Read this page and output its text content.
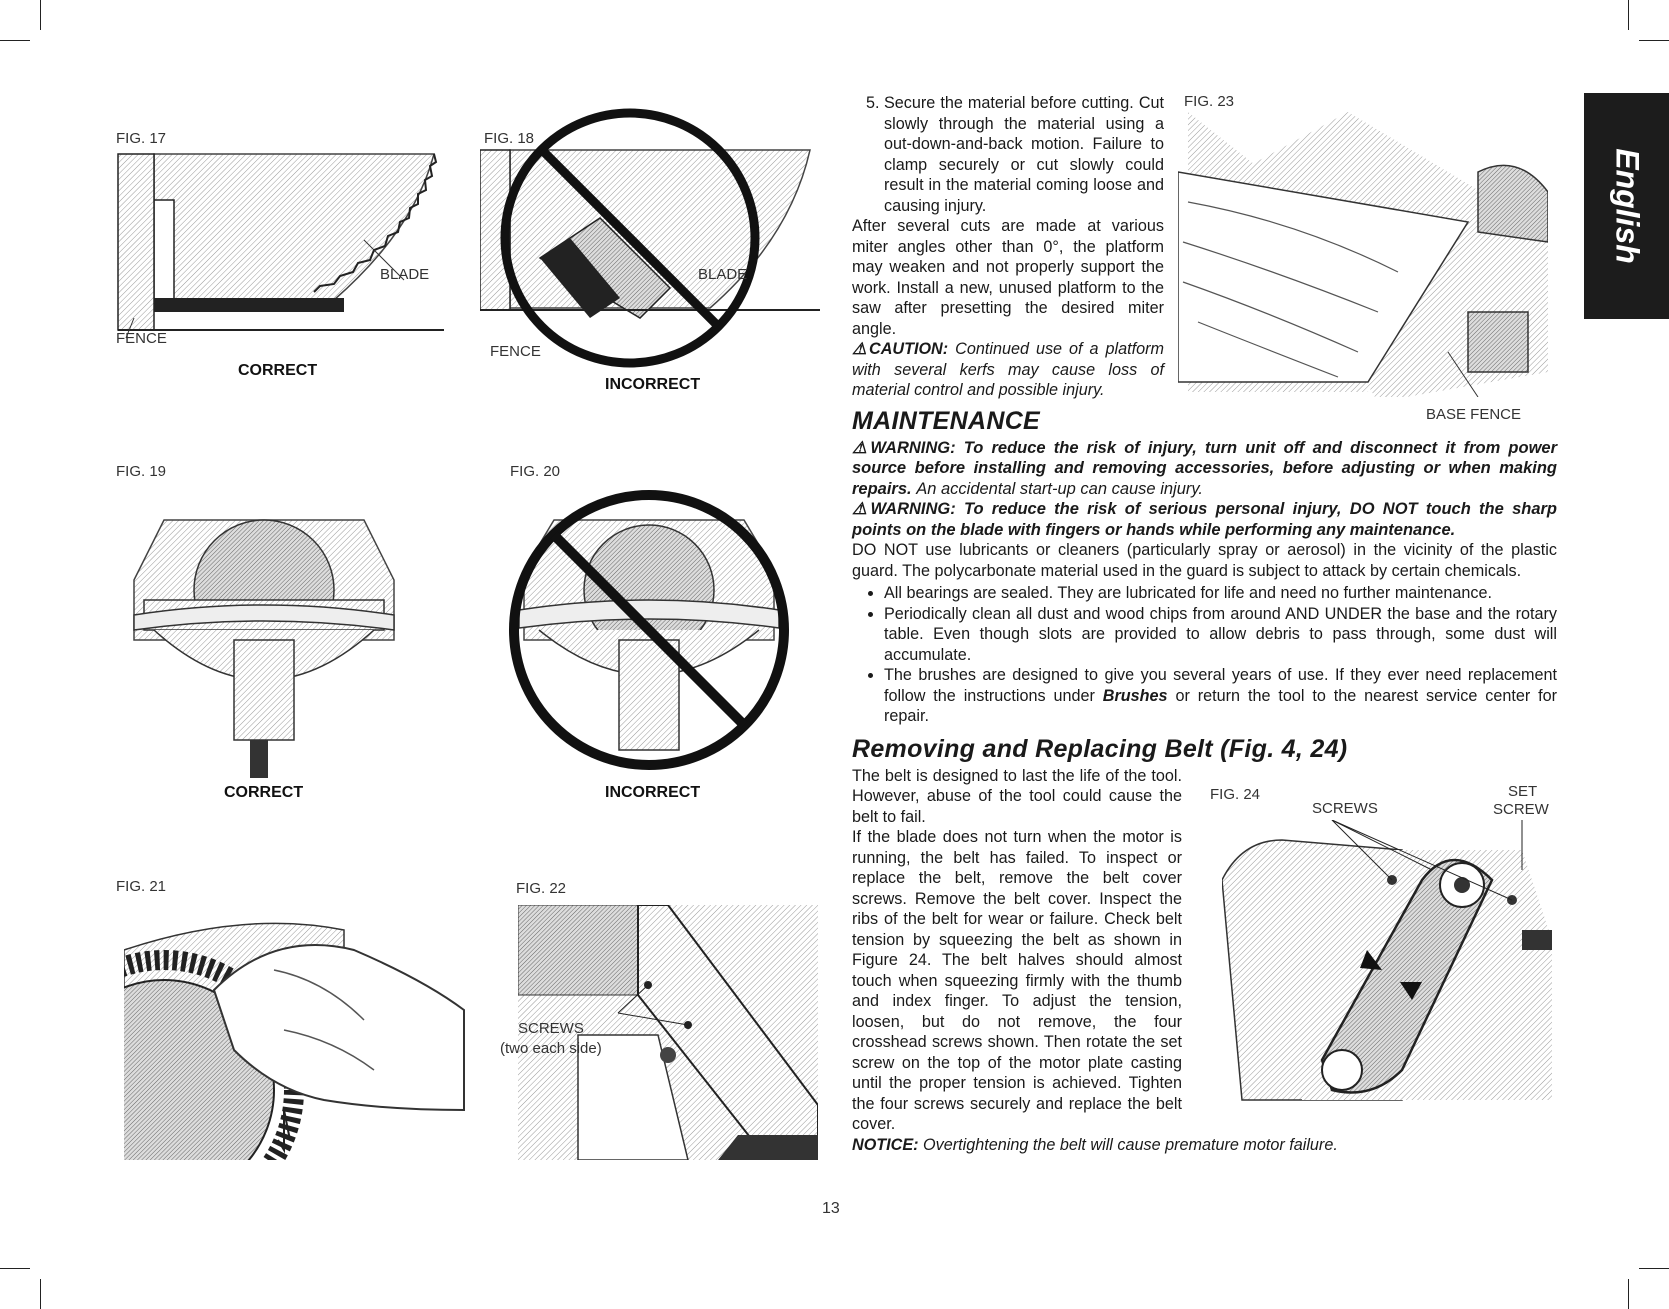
FIG. 17
BLADE
FENCE
CORRECT
FIG. 18
BLADE
FENCE
INCORRECT
FIG. 19
CORRECT
FIG. 20
INCORRECT
FIG. 21	FIG. 22
SCREWS
(two each side)

5. Secure the material before cutting. Cut slowly through the material using a out-down-and-back motion. Failure to clamp securely or cut slowly could result in the material coming loose and causing injury.

After several cuts are made at various miter angles other than 0°, the platform may weaken and not properly support the work. Install a new, unused platform to the saw after presetting the desired miter angle.

⚠CAUTION: Continued use of a platform with several kerfs may cause loss of material control and possible injury.

MAINTENANCE

⚠WARNING: To reduce the risk of injury, turn unit off and disconnect it from power source before installing and removing accessories, before adjusting or when making repairs. An accidental start-up can cause injury.

⚠WARNING: To reduce the risk of serious personal injury, DO NOT touch the sharp points on the blade with fingers or hands while performing any maintenance.

DO NOT use lubricants or cleaners (particularly spray or aerosol) in the vicinity of the plastic guard. The polycarbonate material used in the guard is subject to attack by certain chemicals.

• All bearings are sealed. They are lubricated for life and need no further maintenance.
• Periodically clean all dust and wood chips from around AND UNDER the base and the rotary table. Even though slots are provided to allow debris to pass through, some dust will accumulate.
• The brushes are designed to give you several years of use. If they ever need replacement follow the instructions under Brushes or return the tool to the nearest service center for repair.
Removing and Replacing Belt (Fig. 4, 24)

The belt is designed to last the life of the tool. However, abuse of the tool could cause the belt to fail.

If the blade does not turn when the motor is running, the belt has failed. To inspect or replace the belt, remove the belt cover screws. Remove the belt cover. Inspect the ribs of the belt for wear or failure. Check belt tension by squeezing the belt as shown in Figure 24. The belt halves should almost touch when squeezing firmly with the thumb and index finger. To adjust the tension, loosen, but do not remove, the four crosshead screws shown. Then rotate the set screw on the top of the motor plate casting until the proper tension is achieved. Tighten the four screws securely and replace the belt cover.

NOTICE: Overtightening the belt will cause premature motor failure.

FIG. 23
BASE FENCE
FIG. 24
SCREWS
SET
SCREW
English
13
